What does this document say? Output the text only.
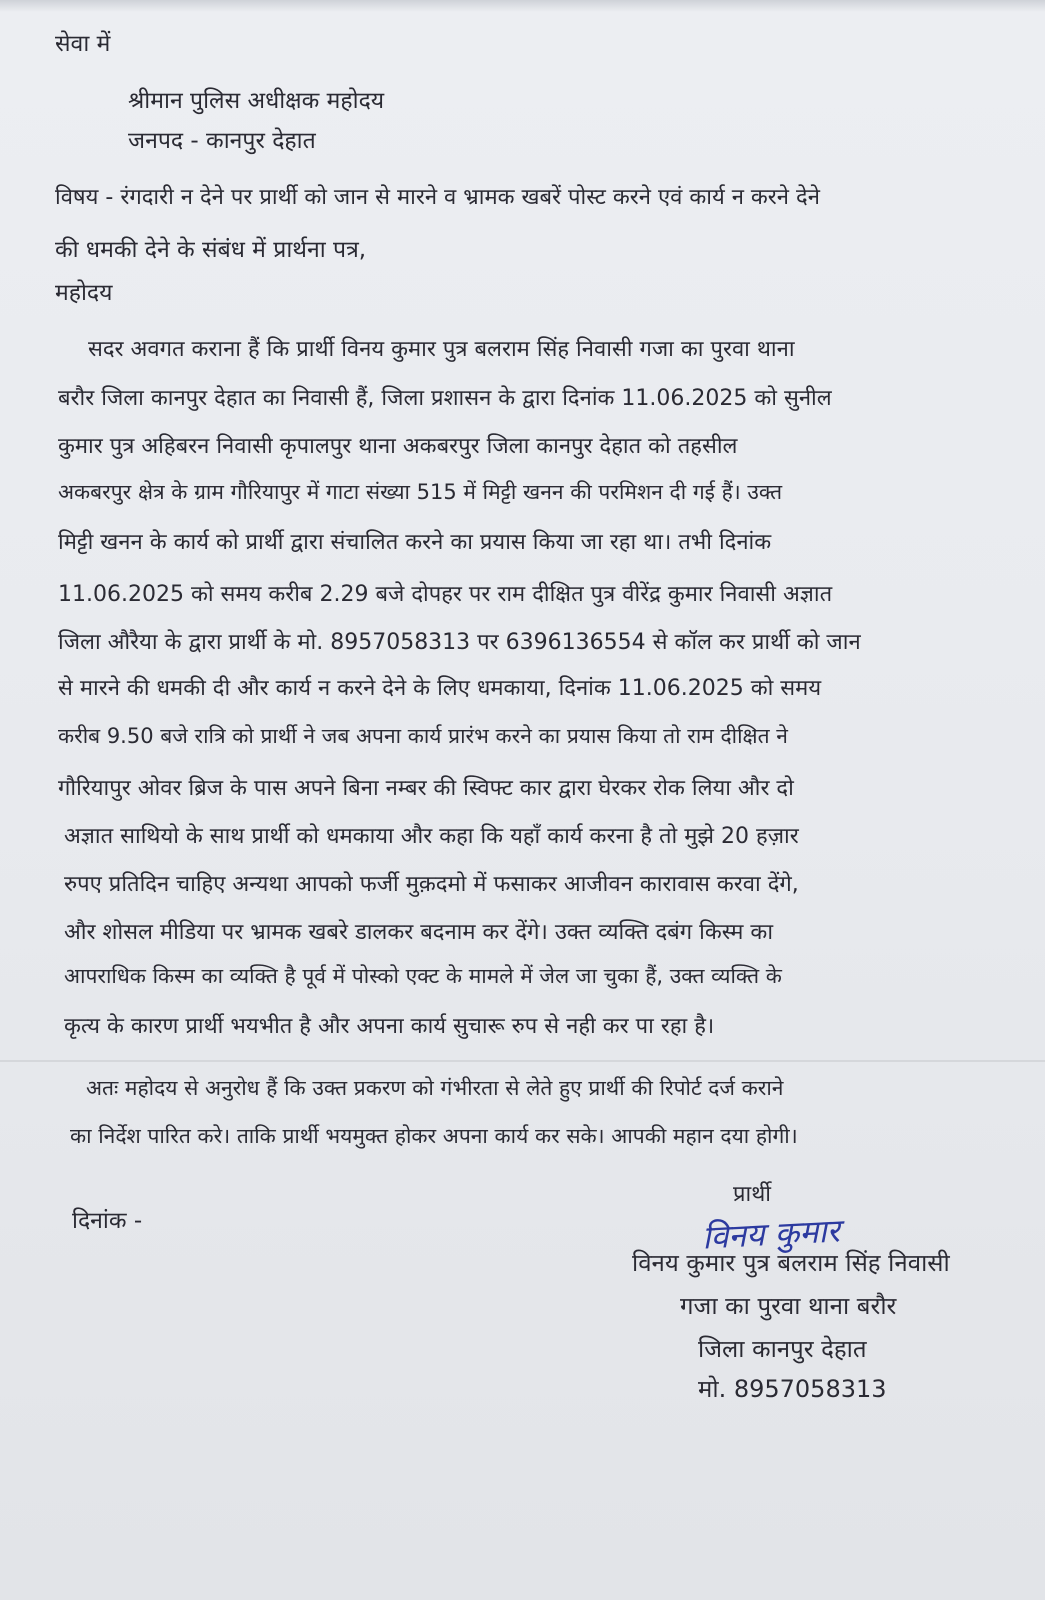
सेवा में
श्रीमान पुलिस अधीक्षक महोदय
जनपद - कानपुर देहात
विषय - रंगदारी न देने पर प्रार्थी को जान से मारने व भ्रामक खबरें पोस्ट करने एवं कार्य न करने देने
की धमकी देने के संबंध में प्रार्थना पत्र,
महोदय
सदर अवगत कराना हैं कि प्रार्थी विनय कुमार पुत्र बलराम सिंह निवासी गजा का पुरवा थाना
बरौर जिला कानपुर देहात का निवासी हैं, जिला प्रशासन के द्वारा दिनांक 11.06.2025 को सुनील
कुमार पुत्र अहिबरन निवासी कृपालपुर थाना अकबरपुर जिला कानपुर देहात को तहसील
अकबरपुर क्षेत्र के ग्राम गौरियापुर में गाटा संख्या 515 में मिट्टी खनन की परमिशन दी गई हैं। उक्त
मिट्टी खनन के कार्य को प्रार्थी द्वारा संचालित करने का प्रयास किया जा रहा था। तभी दिनांक
11.06.2025 को समय करीब 2.29 बजे दोपहर पर राम दीक्षित पुत्र वीरेंद्र कुमार निवासी अज्ञात
जिला औरैया के द्वारा प्रार्थी के मो. 8957058313 पर 6396136554 से कॉल कर प्रार्थी को जान
से मारने की धमकी दी और कार्य न करने देने के लिए धमकाया, दिनांक 11.06.2025 को समय
करीब 9.50 बजे रात्रि को प्रार्थी ने जब अपना कार्य प्रारंभ करने का प्रयास किया तो राम दीक्षित ने
गौरियापुर ओवर ब्रिज के पास अपने बिना नम्बर की स्विफ्ट कार द्वारा घेरकर रोक लिया और दो
अज्ञात साथियो के साथ प्रार्थी को धमकाया और कहा कि यहाँ कार्य करना है तो मुझे 20 हज़ार
रुपए प्रतिदिन चाहिए अन्यथा आपको फर्जी मुक़दमो में फसाकर आजीवन कारावास करवा देंगे,
और शोसल मीडिया पर भ्रामक खबरे डालकर बदनाम कर देंगे। उक्त व्यक्ति दबंग किस्म का
आपराधिक किस्म का व्यक्ति है पूर्व में पोस्को एक्ट के मामले में जेल जा चुका हैं, उक्त व्यक्ति के
कृत्य के कारण प्रार्थी भयभीत है और अपना कार्य सुचारू रुप से नही कर पा रहा है।
अतः महोदय से अनुरोध हैं कि उक्त प्रकरण को गंभीरता से लेते हुए प्रार्थी की रिपोर्ट दर्ज कराने
का निर्देश पारित करे। ताकि प्रार्थी भयमुक्त होकर अपना कार्य कर सके। आपकी महान दया होगी।
दिनांक -
प्रार्थी
विनय कुमार
विनय कुमार पुत्र बलराम सिंह निवासी
गजा का पुरवा थाना बरौर
जिला कानपुर देहात
मो. 8957058313
